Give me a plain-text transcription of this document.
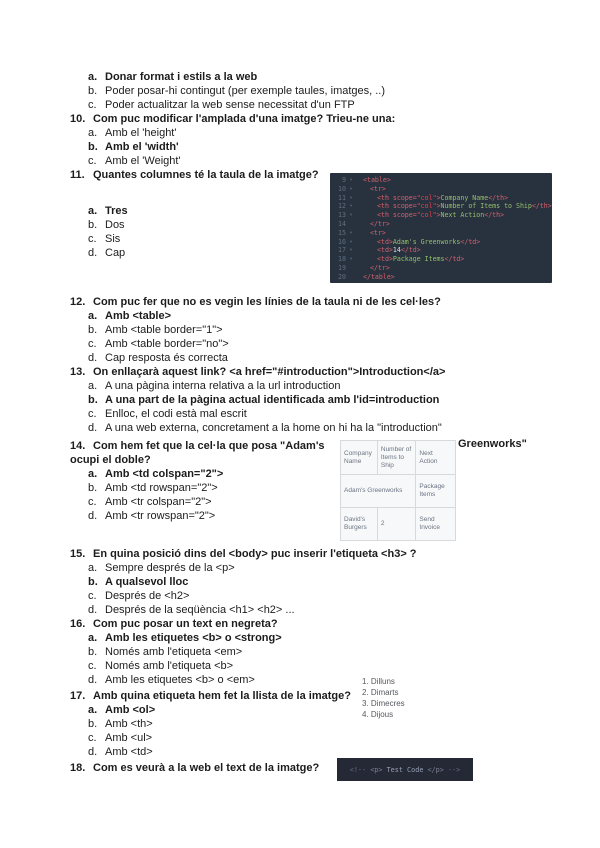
a. Donar format i estils a la web
b. Poder posar-hi contingut (per exemple taules, imatges, ..)
c. Poder actualitzar la web sense necessitat d'un FTP
10. Com puc modificar l'amplada d'una imatge? Trieu-ne una:
a. Amb el 'height'
b. Amb el 'width'
c. Amb el 'Weight'
11. Quantes columnes té la taula de la imatge?
a. Tres
b. Dos
c. Sis
d. Cap
12. Com puc fer que no es vegin les línies de la taula ni de les cel·les?
a. Amb <table>
b. Amb <table border="1">
c. Amb <table border="no">
d. Cap resposta és correcta
13. On enllaçarà aquest link? <a href="#introduction">Introduction</a>
a. A una pàgina interna relativa a la url introduction
b. A una part de la pàgina actual identificada amb l'id=introduction
c. Enlloc, el codi està mal escrit
d. A una web externa, concretament a la home on hi ha la "introduction"
14. Com hem fet que la cel·la que posa "Adam's
ocupi el doble?
a. Amb <td colspan="2">
b. Amb <td rowspan="2">
c. Amb <tr colspan="2">
d. Amb <tr rowspan="2">
15. En quina posició dins del <body> puc inserir l'etiqueta <h3> ?
a. Sempre després de la <p>
b. A qualsevol lloc
c. Després de <h2>
d. Després de la seqüència <h1> <h2> ...
16. Com puc posar un text en negreta?
a. Amb les etiquetes <b> o <strong>
b. Només amb l'etiqueta <em>
c. Només amb l'etiqueta <b>
d. Amb les etiquetes <b> o <em>
17. Amb quina etiqueta hem fet la llista de la imatge?
a. Amb <ol>
b. Amb <th>
c. Amb <ul>
d. Amb <td>
18. Com es veurà a la web el text de la imatge?
9 •	<table>
10 •	<tr>
11 •	<th scope="col">Company Name</th>
12 •	<th scope="col">Number of Items to Ship</th>
13 •	<th scope="col">Next Action</th>
14	</tr>
15 •	<tr>
16 •	<td>Adam's Greenworks</td>
17 •	<td>14</td>
18 •	<td>Package Items</td>
19	</tr>
20	</table>
Company Name	Number of Items to Ship	Next Action
Adam's Greenworks		Package Items
David's Burgers	2	Send Invoice
Greenworks"
1. Dilluns
2. Dimarts
3. Dimecres
4. Dijous
<!-- <p> Test Code </p> -->
